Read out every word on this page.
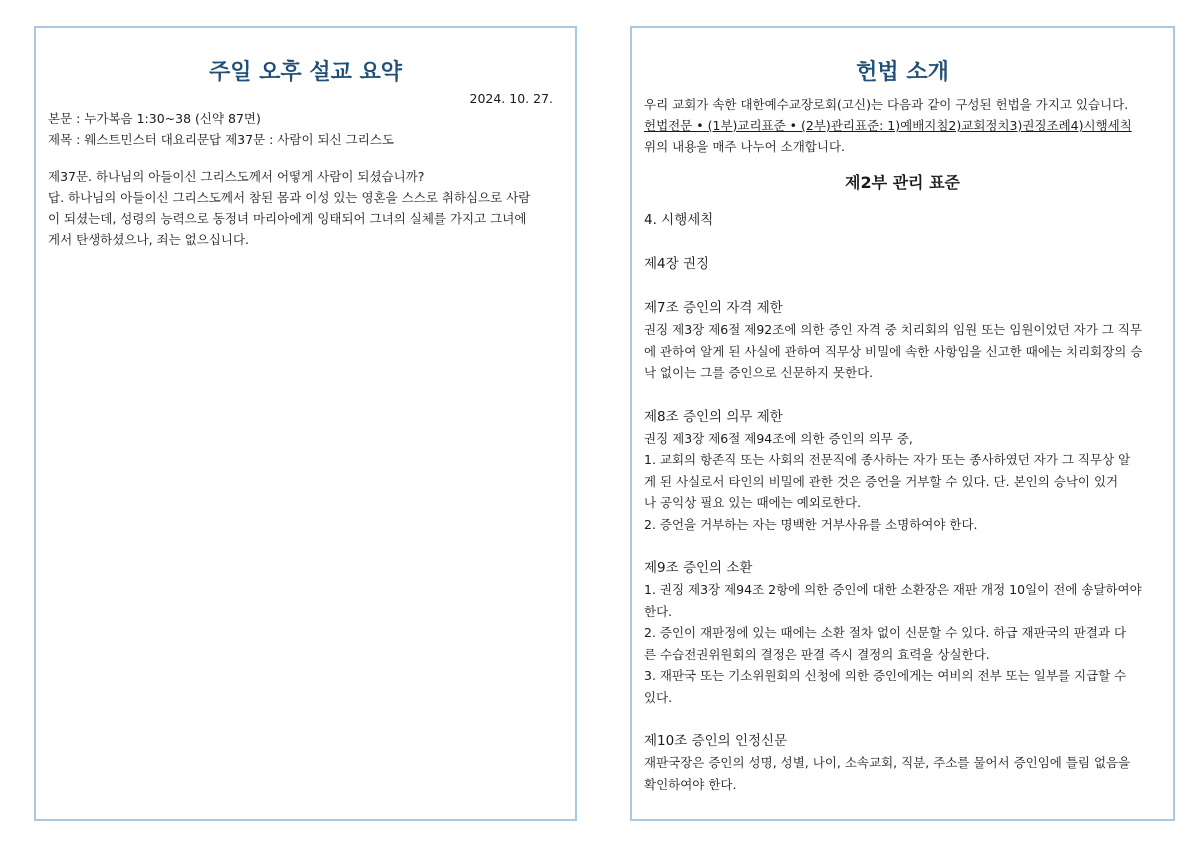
주일 오후 설교 요약
2024. 10. 27.

본문 : 누가복음 1:30~38 (신약 87면)

제목 : 웨스트민스터 대요리문답 제37문 : 사람이 되신 그리스도

제37문. 하나님의 아들이신 그리스도께서 어떻게 사람이 되셨습니까?

답. 하나님의 아들이신 그리스도께서 참된 몸과 이성 있는 영혼을 스스로 취하심으로 사람

이 되셨는데, 성령의 능력으로 동정녀 마리아에게 잉태되어 그녀의 실체를 가지고 그녀에

게서 탄생하셨으나, 죄는 없으십니다.

헌법 소개

우리 교회가 속한 대한예수교장로회(고신)는 다음과 같이 구성된 헌법을 가지고 있습니다.

헌법전문 • (1부)교리표준 • (2부)관리표준: 1)예배지침2)교회정치3)권징조례4)시행세칙

위의 내용을 매주 나누어 소개합니다.

제2부 관리 표준

4. 시행세칙

제4장 권징

제7조 증인의 자격 제한

권징 제3장 제6절 제92조에 의한 증인 자격 중 치리회의 임원 또는 임원이었던 자가 그 직무

에 관하여 알게 된 사실에 관하여 직무상 비밀에 속한 사항임을 신고한 때에는 치리회장의 승

낙 없이는 그를 증인으로 신문하지 못한다.

제8조 증인의 의무 제한

권징 제3장 제6절 제94조에 의한 증인의 의무 중,

1. 교회의 항존직 또는 사회의 전문직에 종사하는 자가 또는 종사하였던 자가 그 직무상 알

게 된 사실로서 타인의 비밀에 관한 것은 증언을 거부할 수 있다. 단. 본인의 승낙이 있거

나 공익상 필요 있는 때에는 예외로한다.

2. 증언을 거부하는 자는 명백한 거부사유를 소명하여야 한다.

제9조 증인의 소환

1. 권징 제3장 제94조 2항에 의한 증인에 대한 소환장은 재판 개정 10일이 전에 송달하여야

한다.

2. 증인이 재판정에 있는 때에는 소환 절차 없이 신문할 수 있다. 하급 재판국의 판결과 다

른 수습전권위원회의 결정은 판결 즉시 결정의 효력을 상실한다.

3. 재판국 또는 기소위원회의 신청에 의한 증인에게는 여비의 전부 또는 일부를 지급할 수

있다.

제10조 증인의 인정신문

재판국장은 증인의 성명, 성별, 나이, 소속교회, 직분, 주소를 물어서 증인임에 틀림 없음을

확인하여야 한다.
